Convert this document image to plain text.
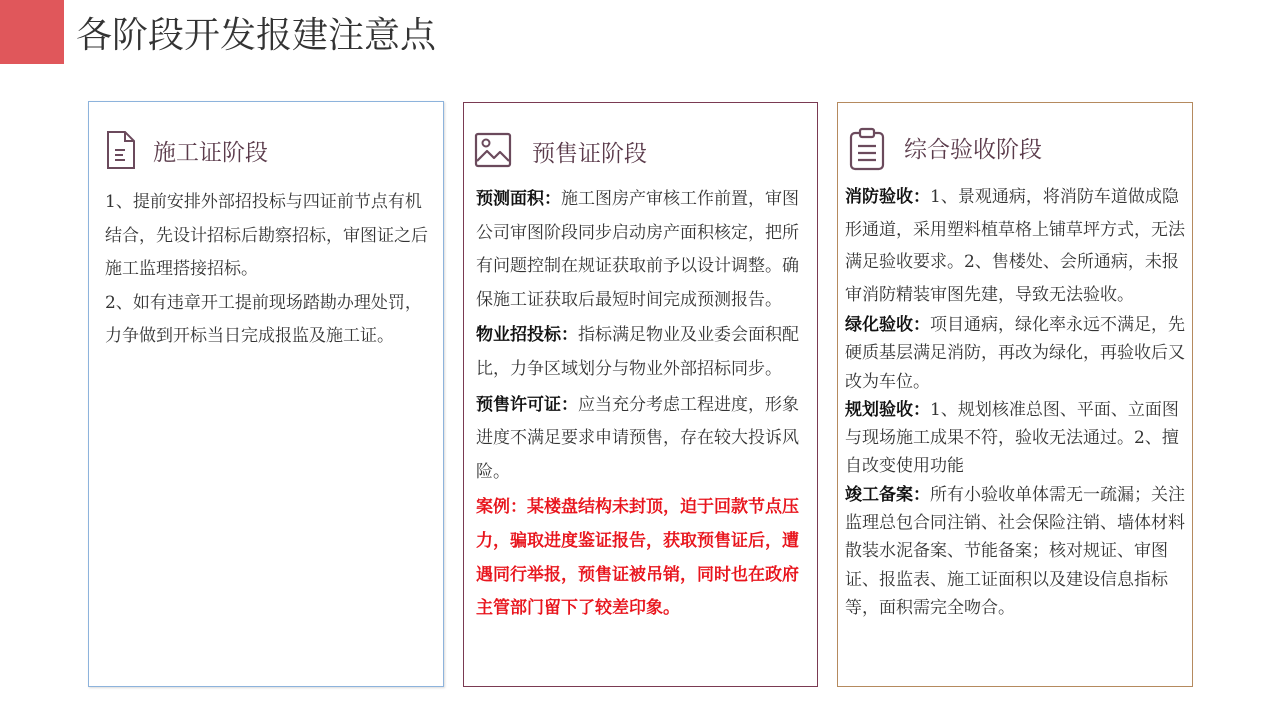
各阶段开发报建注意点
施工证阶段

1、提前安排外部招投标与四证前节点有机结合，先设计招标后勘察招标，审图证之后施工监理搭接招标。

2、如有违章开工提前现场踏勘办理处罚，力争做到开标当日完成报监及施工证。

预售证阶段

预测面积：施工图房产审核工作前置，审图公司审图阶段同步启动房产面积核定，把所有问题控制在规证获取前予以设计调整。确保施工证获取后最短时间完成预测报告。

物业招投标：指标满足物业及业委会面积配比，力争区域划分与物业外部招标同步。

预售许可证：应当充分考虑工程进度，形象进度不满足要求申请预售，存在较大投诉风险。

案例：某楼盘结构未封顶，迫于回款节点压力，骗取进度鉴证报告，获取预售证后，遭遇同行举报，预售证被吊销，同时也在政府主管部门留下了较差印象。

综合验收阶段

消防验收：1、景观通病，将消防车道做成隐形通道，采用塑料植草格上铺草坪方式，无法满足验收要求。2、售楼处、会所通病，未报审消防精装审图先建，导致无法验收。

绿化验收：项目通病，绿化率永远不满足，先硬质基层满足消防，再改为绿化，再验收后又改为车位。

规划验收：1、规划核准总图、平面、立面图与现场施工成果不符，验收无法通过。2、擅自改变使用功能

竣工备案：所有小验收单体需无一疏漏；关注监理总包合同注销、社会保险注销、墙体材料散装水泥备案、节能备案；核对规证、审图证、报监表、施工证面积以及建设信息指标等，面积需完全吻合。
